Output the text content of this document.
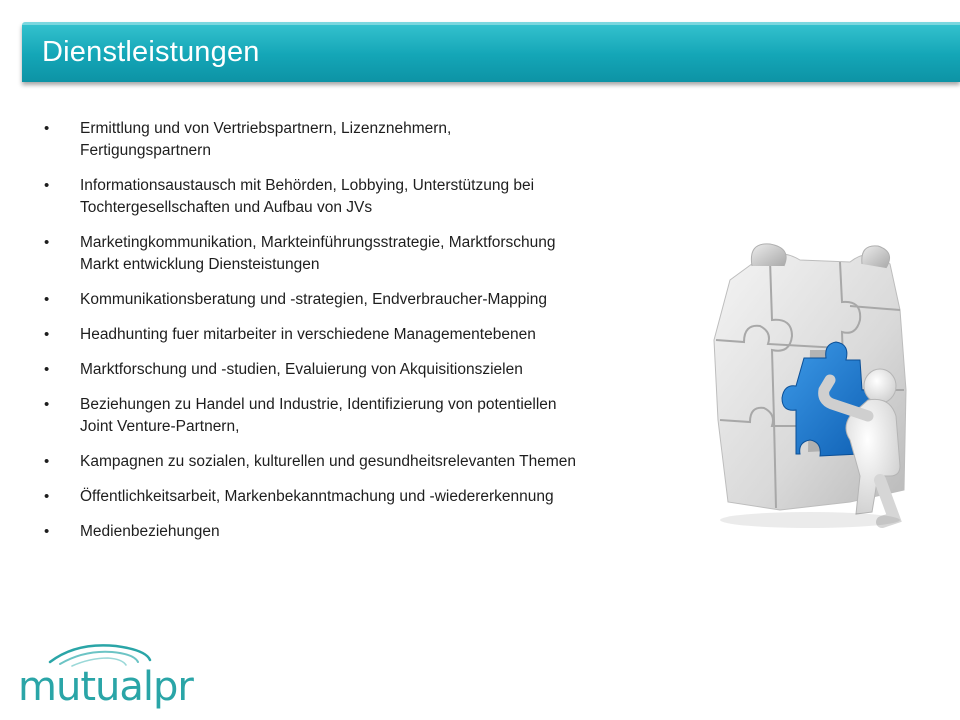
Dienstleistungen
•	Ermittlung und von Vertriebspartnern, Lizenznehmern,
Fertigungspartnern
•	Informationsaustausch mit Behörden, Lobbying, Unterstützung bei
Tochtergesellschaften und Aufbau von JVs
•	Marketingkommunikation, Markteinführungsstrategie, Marktforschung
Markt entwicklung Diensteistungen
•	Kommunikationsberatung und -strategien, Endverbraucher-Mapping
•	Headhunting fuer mitarbeiter in verschiedene Managementebenen
•	Marktforschung und -studien, Evaluierung von Akquisitionszielen
•	Beziehungen zu Handel und Industrie, Identifizierung von potentiellen
Joint Venture-Partnern,
•	Kampagnen zu sozialen, kulturellen und gesundheitsrelevanten Themen
•	Öffentlichkeitsarbeit, Markenbekanntmachung und -wiedererkennung
•	Medienbeziehungen
mutualpr
